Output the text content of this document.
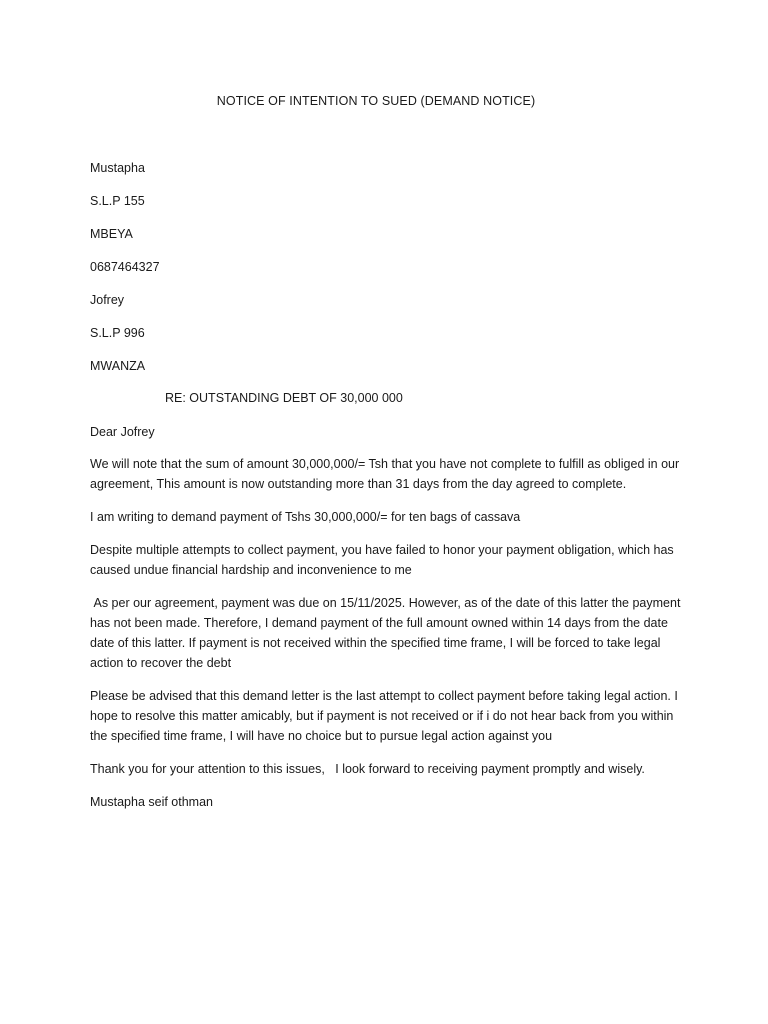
NOTICE OF INTENTION TO SUED (DEMAND NOTICE)
Mustapha
S.L.P 155
MBEYA
0687464327
Jofrey
S.L.P 996
MWANZA
RE: OUTSTANDING DEBT OF 30,000 000
Dear Jofrey
We will note that the sum of amount 30,000,000/= Tsh that you have not complete to fulfill as obliged in our agreement, This amount is now outstanding more than 31 days from the day agreed to complete.
I am writing to demand payment of Tshs 30,000,000/= for ten bags of cassava
Despite multiple attempts to collect payment, you have failed to honor your payment obligation, which has caused undue financial hardship and inconvenience to me
As per our agreement, payment was due on 15/11/2025. However, as of the date of this latter the payment has not been made. Therefore, I demand payment of the full amount owned within 14 days from the date date of this latter. If payment is not received within the specified time frame, I will be forced to take legal action to recover the debt
Please be advised that this demand letter is the last attempt to collect payment before taking legal action. I hope to resolve this matter amicably, but if payment is not received or if i do not hear back from you within the specified time frame, I will have no choice but to pursue legal action against you
Thank you for your attention to this issues,   I look forward to receiving payment promptly and wisely.
Mustapha seif othman
